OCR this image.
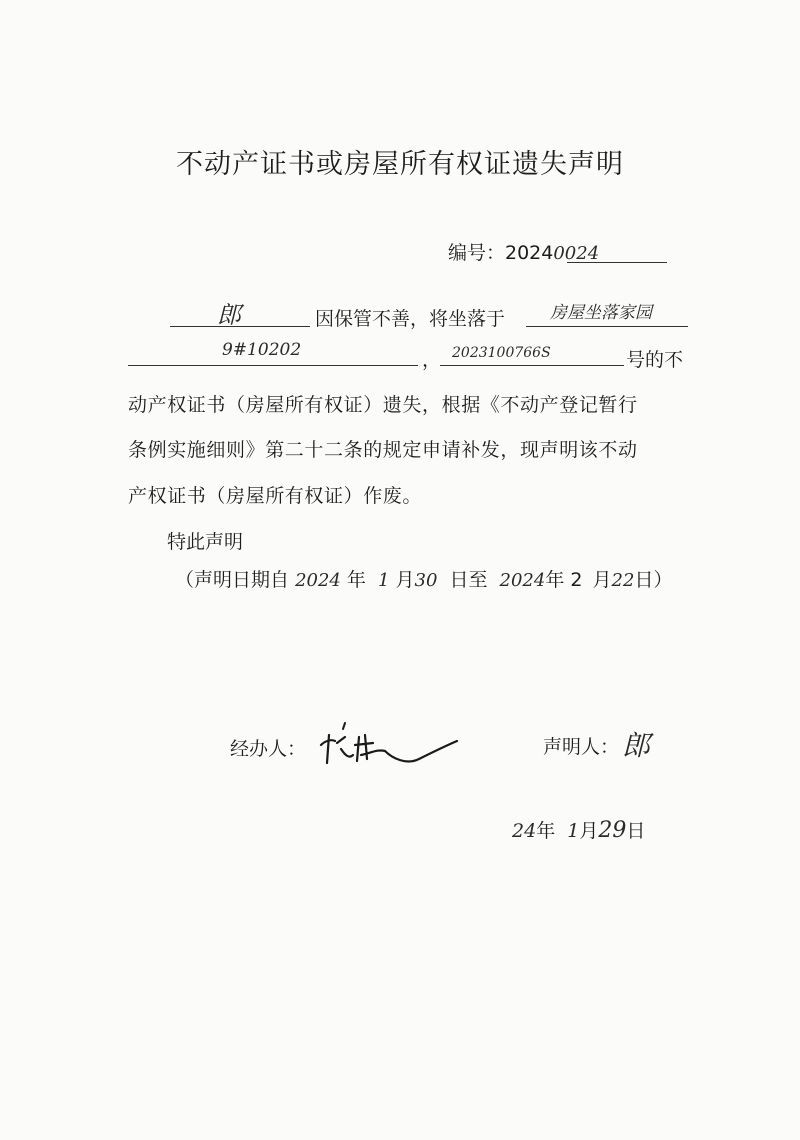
不动产证书或房屋所有权证遗失声明
编号：20240024
郎	因保管不善，将坐落于	房屋坐落家园
9#10202	， 2023100766S	号的不
动产权证书（房屋所有权证）遗失，根据《不动产登记暂行
条例实施细则》第二十二条的规定申请补发，现声明该不动
产权证书（房屋所有权证）作废。
特此声明
（声明日期自 2024 年 1 月30 日至 2024年 2 月22日）
经办人：	声明人： 郎
24年 1月29日
